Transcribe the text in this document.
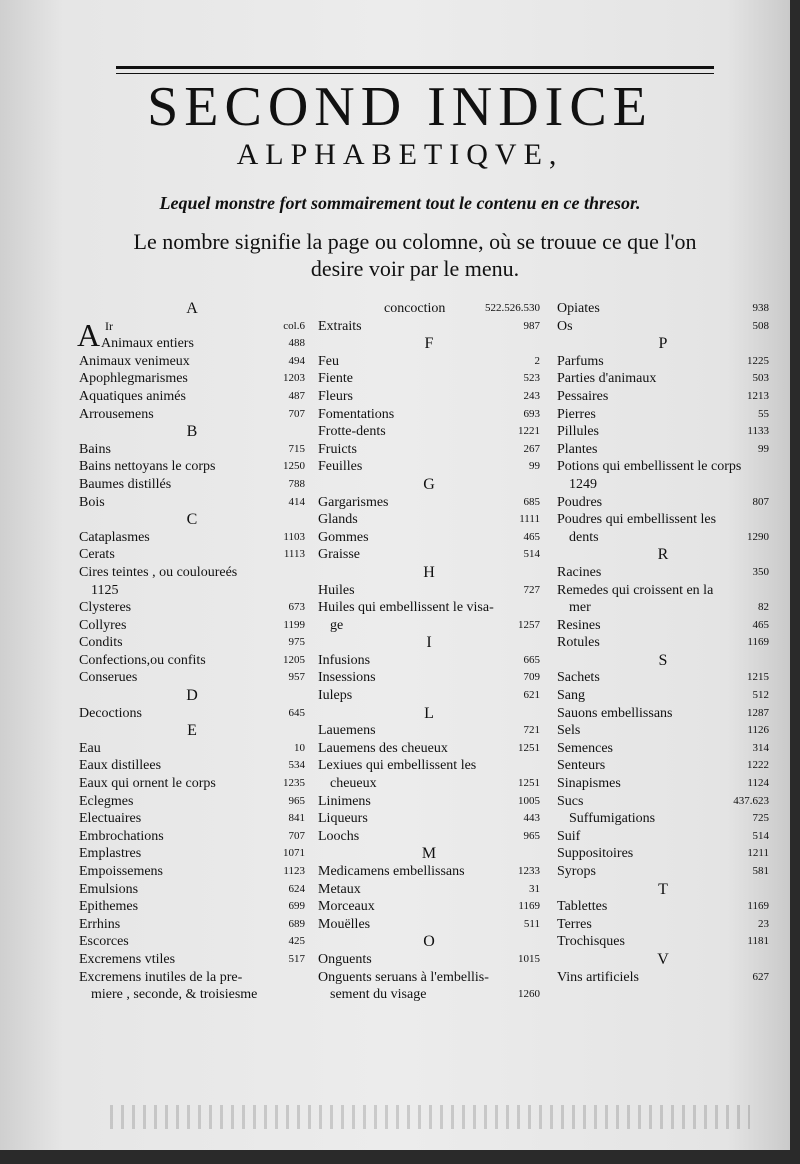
SECOND INDICE
ALPHABETIQVE,
Lequel monstre fort sommairement tout le contenu en ce thresor.
Le nombre signifie la page ou colomne, où se trouue ce que l'on
desire voir par le menu.
A
A Ir	col.6
Animaux entiers	488
Animaux venimeux	494
Apophlegmarismes	1203
Aquatiques animés	487
Arrousemens	707
B
Bains	715
Bains nettoyans le corps	1250
Baumes distillés	788
Bois	414
C
Cataplasmes	1103
Cerats	1113
Cires teintes , ou couloureés
1125
Clysteres	673
Collyres	1199
Condits	975
Confections,ou confits	1205
Conserues	957
D
Decoctions	645
E
Eau	10
Eaux distillees	534
Eaux qui ornent le corps	1235
Eclegmes	965
Electuaires	841
Embrochations	707
Emplastres	1071
Empoissemens	1123
Emulsions	624
Epithemes	699
Errhins	689
Escorces	425
Excremens vtiles	517
Excremens inutiles de la pre-
miere , seconde, & troisiesme
concoction	522.526.530
Extraits	987
F
Feu	2
Fiente	523
Fleurs	243
Fomentations	693
Frotte-dents	1221
Fruicts	267
Feuilles	99
G
Gargarismes	685
Glands	1111
Gommes	465
Graisse	514
H
Huiles	727
Huiles qui embellissent le visa-
ge	1257
I
Infusions	665
Insessions	709
Iuleps	621
L
Lauemens	721
Lauemens des cheueux	1251
Lexiues qui embellissent les
cheueux	1251
Linimens	1005
Liqueurs	443
Loochs	965
M
Medicamens embellissans	1233
Metaux	31
Morceaux	1169
Mouëlles	511
O
Onguents	1015
Onguents seruans à l'embellis-
sement du visage	1260
Opiates	938
Os	508
P
Parfums	1225
Parties d'animaux	503
Pessaires	1213
Pierres	55
Pillules	1133
Plantes	99
Potions qui embellissent le corps
1249
Poudres	807
Poudres qui embellissent les
dents	1290
R
Racines	350
Remedes qui croissent en la
mer	82
Resines	465
Rotules	1169
S
Sachets	1215
Sang	512
Sauons embellissans	1287
Sels	1126
Semences	314
Senteurs	1222
Sinapismes	1124
Sucs	437.623
Suffumigations	725
Suif	514
Suppositoires	1211
Syrops	581
T
Tablettes	1169
Terres	23
Trochisques	1181
V
Vins artificiels	627
